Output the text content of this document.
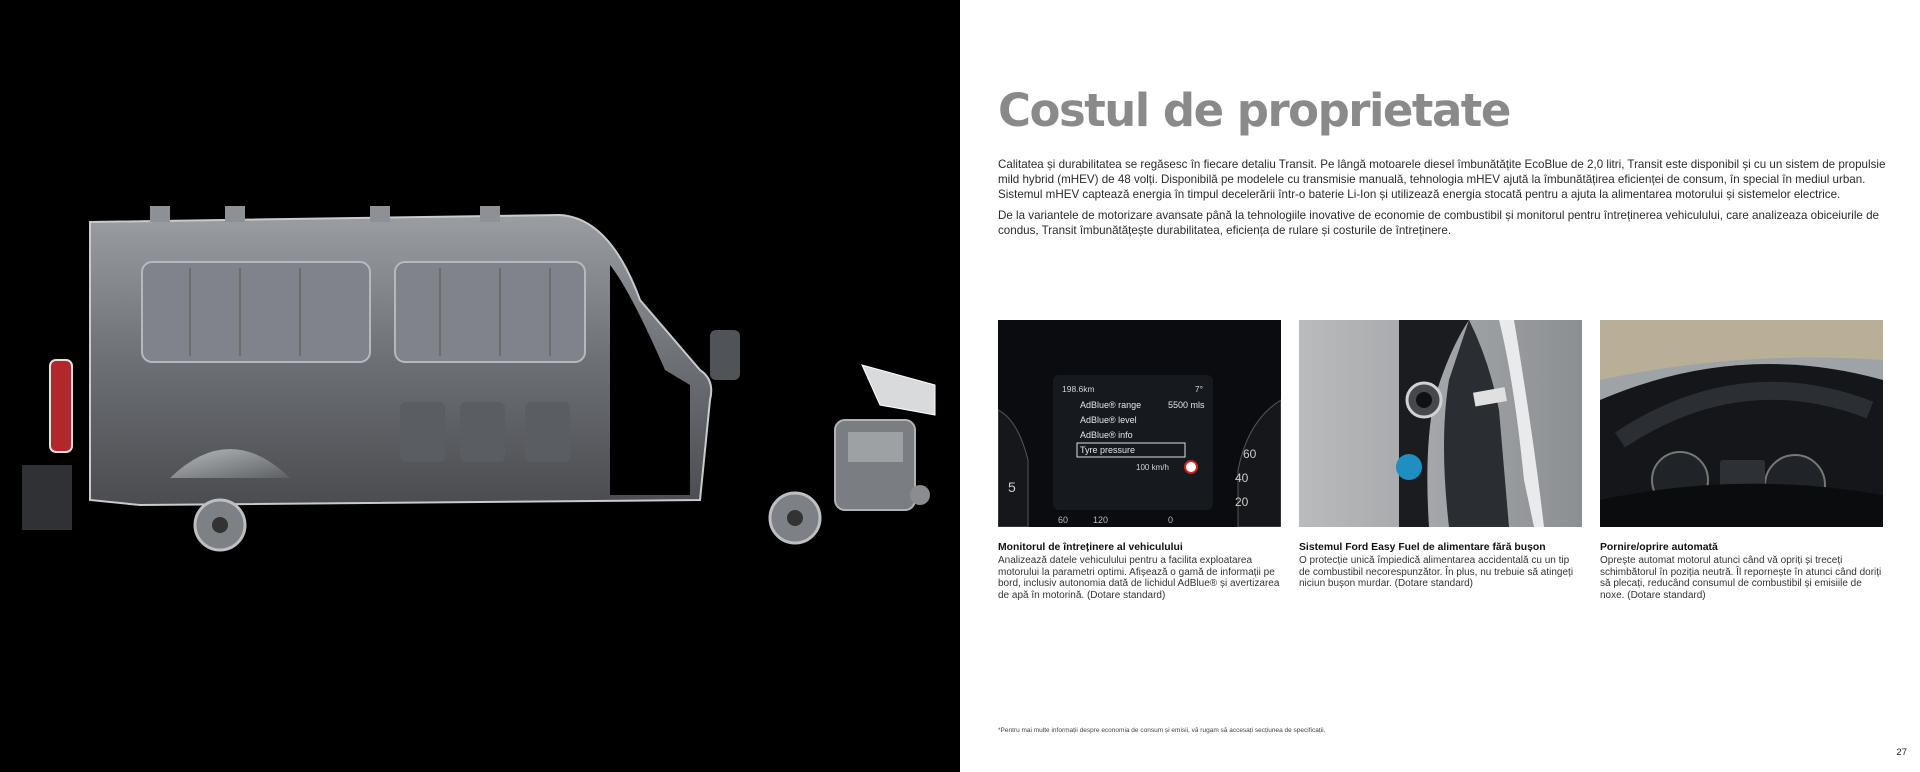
Costul de proprietate

Calitatea și durabilitatea se regăsesc în fiecare detaliu Transit. Pe lângă motoarele diesel îmbunătățite EcoBlue de 2,0 litri, Transit este disponibil și cu un sistem de propulsie mild hybrid (mHEV) de 48 volți. Disponibilă pe modelele cu transmisie manuală, tehnologia mHEV ajută la îmbunătățirea eficienței de consum, în special în mediul urban. Sistemul mHEV captează energia în timpul decelerării într-o baterie Li-Ion și utilizează energia stocată pentru a ajuta la alimentarea motorului și sistemelor electrice.

De la variantele de motorizare avansate până la tehnologiile inovative de economie de combustibil și monitorul pentru întreținerea vehiculului, care analizeaza obiceiurile de condus, Transit îmbunătățește durabilitatea, eficiența de rulare și costurile de întreținere.

198.6km	7°
AdBlue® range	5500 mls
AdBlue® level
AdBlue® info
Tyre pressure
100 km/h
5
60
40
20
60	120	0
Monitorul de întreținere al vehiculului

Analizează datele vehiculului pentru a facilita exploatarea motorului la parametri optimi. Afișează o gamă de informații pe bord, inclusiv autonomia dată de lichidul AdBlue® și avertizarea de apă în motorină. (Dotare standard)

Sistemul Ford Easy Fuel de alimentare fără bușon

O protecție unică împiedică alimentarea accidentală cu un tip de combustibil necorespunzător. În plus, nu trebuie să atingeți niciun bușon murdar. (Dotare standard)

Pornire/oprire automată

Oprește automat motorul atunci când vă opriți și treceți schimbătorul în poziția neutră. Îl repornește în atunci când doriți să plecați, reducând consumul de combustibil și emisiile de noxe. (Dotare standard)

*Pentru mai multe informații despre economia de consum și emisii, vă rugam să accesați secțiunea de specificații.
27
